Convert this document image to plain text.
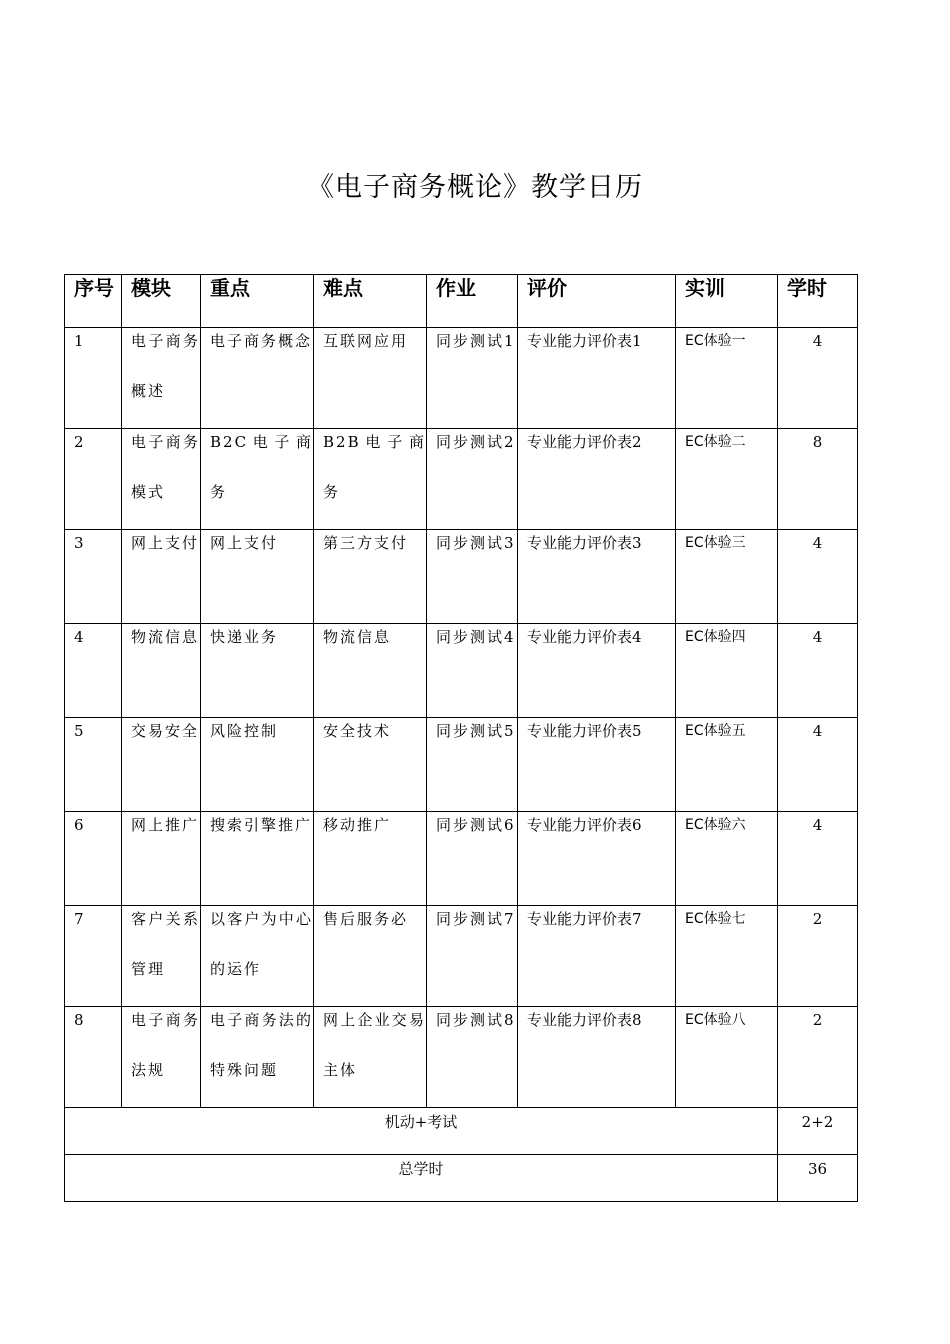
《电子商务概论》教学日历
序号	模块	重点	难点	作业	评价	实训	学时

1	电子商务概述	电子商务概念	互联网应用	同步测试1	专业能力评价表1	EC体验一	4

2	电子商务模式	B2C电子商务	B2B电子商务	同步测试2	专业能力评价表2	EC体验二	8

3	网上支付	网上支付	第三方支付	同步测试3	专业能力评价表3	EC体验三	4

4	物流信息	快递业务	物流信息	同步测试4	专业能力评价表4	EC体验四	4

5	交易安全	风险控制	安全技术	同步测试5	专业能力评价表5	EC体验五	4

6	网上推广	搜索引擎推广	移动推广	同步测试6	专业能力评价表6	EC体验六	4

7	客户关系管理	以客户为中心的运作	售后服务必	同步测试7	专业能力评价表7	EC体验七	2

8	电子商务法规	电子商务法的特殊问题	网上企业交易主体	同步测试8	专业能力评价表8	EC体验八	2

机动+考试							2+2

总学时							36
